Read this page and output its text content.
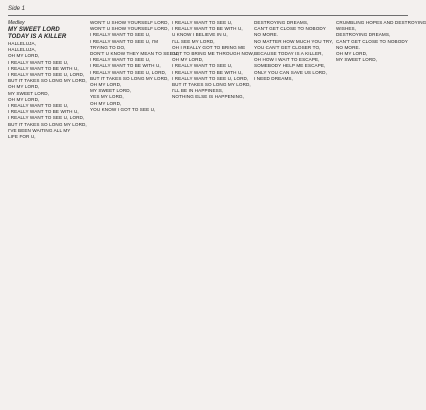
Side 1
Medley
MY SWEET LORD
TODAY IS A KILLER
HALLELUJA,
HALLELUJA,
OH MY LORD,
I REALLY WANT TO SEE U,
I REALLY WANT TO BE WITH U,
I REALLY WANT TO SEE U, LORD,
BUT IT TAKES SO LONG MY LORD,
OH MY LORD,
MY SWEET LORD,
OH MY LORD,
I REALLY WANT TO SEE U,
I REALLY WANT TO BE WITH U,
I REALLY WANT TO SEE U, LORD,
BUT IT TAKES SO LONG MY LORD,
I'VE BEEN WAITING ALL MY
LIFE FOR U,
WON'T U SHOW YOURSELF LORD,
WON'T U SHOW YOURSELF LORD,
I REALLY WANT TO SEE U,
I REALLY WANT TO SEE U, I'M
TRYING TO DO,
DON'T U KNOW THEY MEAN TO SEE U,
I REALLY WANT TO SEE U,
I REALLY WANT TO BE WITH U,
I REALLY WANT TO SEE U, LORD,
BUT IT TAKES SO LONG MY LORD,
OH MY LORD,
MY SWEET LORD,
YES MY LORD,
OH MY LORD,
YOU KNOW I GOT TO SEE U,
I REALLY WANT TO SEE U,
I REALLY WANT TO BE WITH U,
U KNOW I BELIEVE IN U,
I'LL SEE MY LORD,
OH I REALLY GOT TO BRING ME
GOT TO BRING ME THROUGH NOW,
OH MY LORD,
I REALLY WANT TO SEE U,
I REALLY WANT TO BE WITH U,
I REALLY WANT TO SEE U, LORD,
BUT IT TAKES SO LONG MY LORD,
I'LL BE IN HAPPINESS,
NOTHING ELSE IS HAPPENING,
DESTROYING DREAMS,
CAN'T GET CLOSE TO NOBODY
NO MORE.
NO MATTER HOW MUCH YOU TRY,
YOU CAN'T GET CLOSER TO,
BECAUSE TODAY IS A KILLER,
OH HOW I WAIT TO ESCAPE,
SOMEBODY HELP ME ESCAPE,
ONLY YOU CAN SAVE US LORD,
I NEED DREAMS,
CRUMBLING HOPES AND DESTROYING
WISHES,
DESTROYING DREAMS,
CAN'T GET CLOSE TO NOBODY
NO MORE.
OH MY LORD,
MY SWEET LORD,
